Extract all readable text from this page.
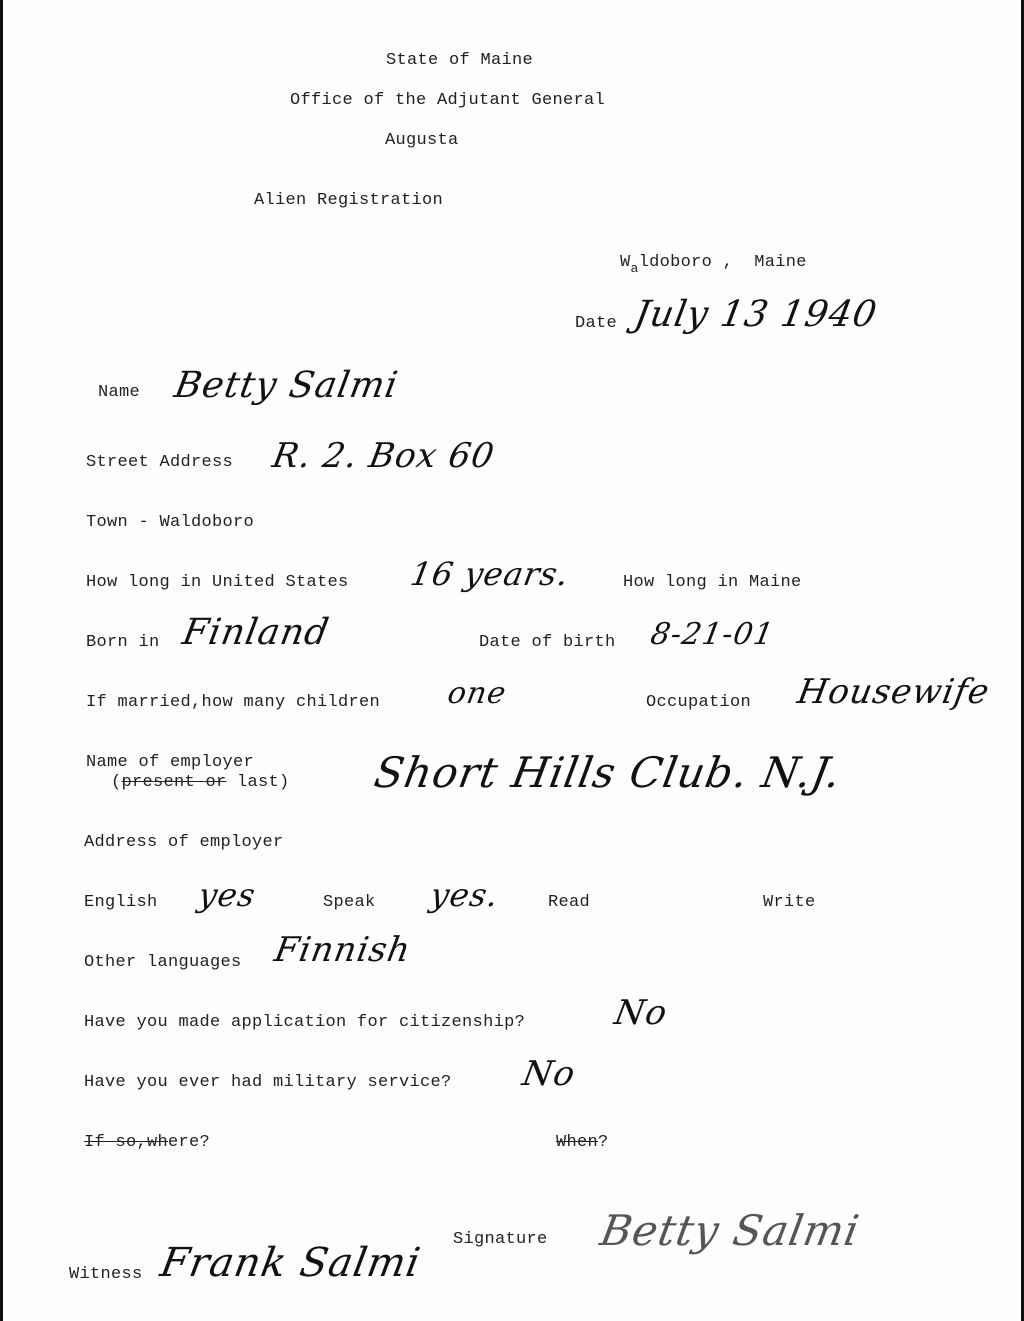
State of Maine
Office of the Adjutant General
Augusta
Alien Registration
$W_aldoboro$ , Maine
Date July 13 1940
Name Betty Salmi
Street Address R. 2. Box 60
Town - Waldoboro
How long in United States 16 years.	How long in Maine
Born in Finland	Date of birth 8-21-01
If married,how many children one	Occupation Housewife
Name of employer
(present or last) Short Hills Club. N.J.
Address of employer
English yes	Speak yes.	Read	Write
Other languages Finnish
Have you made application for citizenship?	No
Have you ever had military service? No
If so,where?	When?
Signature Betty Salmi
Witness Frank Salmi
